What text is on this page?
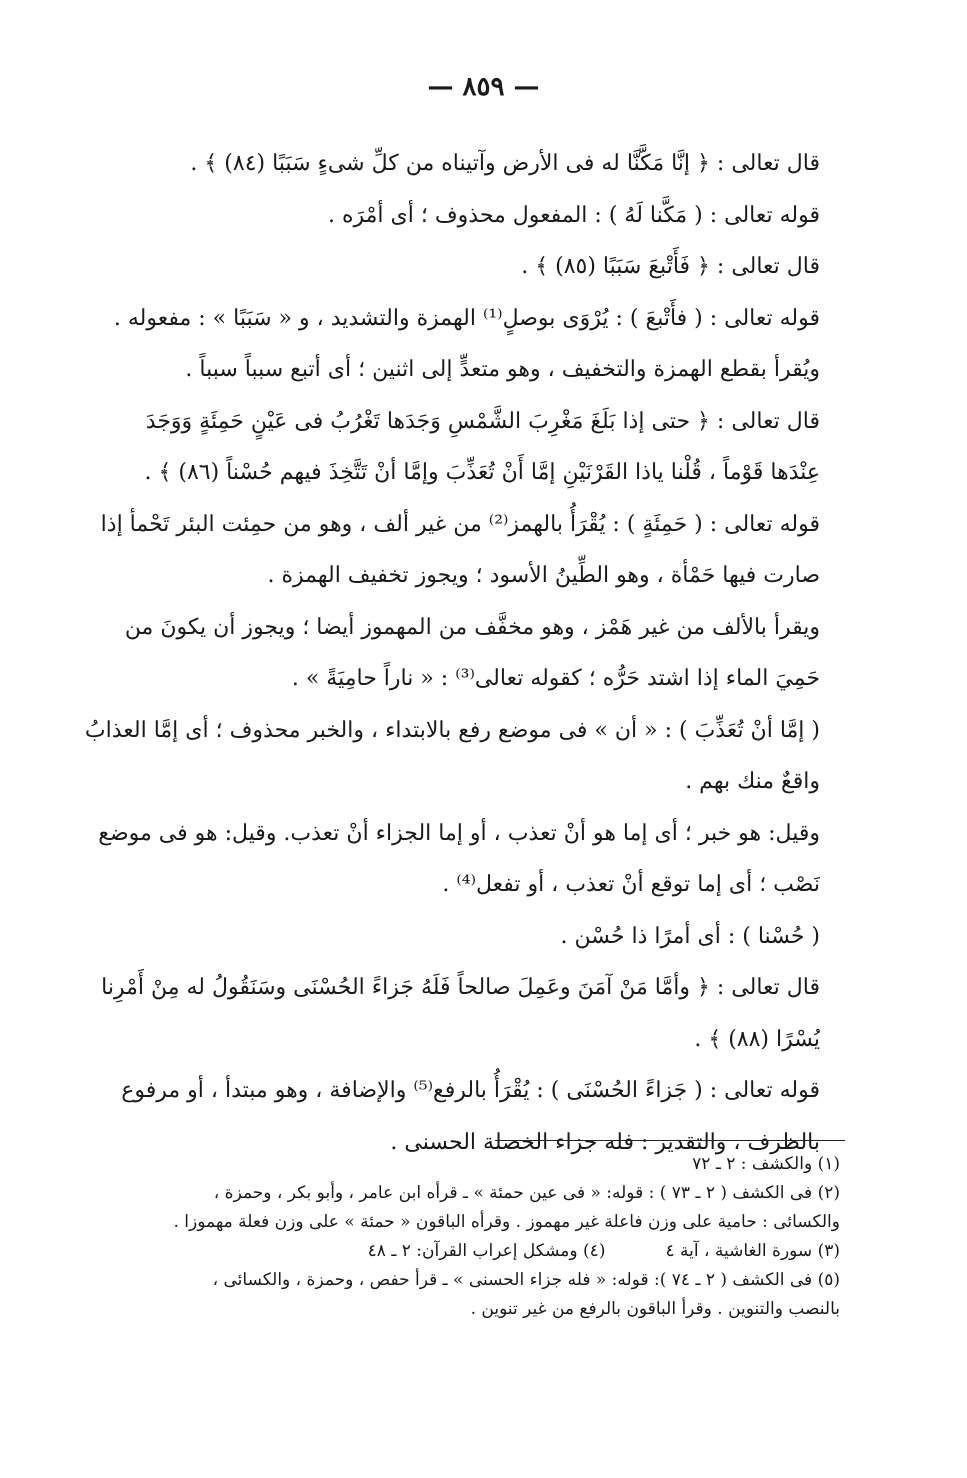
— ٨٥٩ —
قال تعالى : ﴿ إنَّا مَكَّنَّا له فى الأرض وآتيناه من كلِّ شىءٍ سَبَبًا (٨٤) ﴾ .
قوله تعالى : ( مَكَّنا لَهُ ) : المفعول محذوف ؛ أى أمْرَه .
قال تعالى : ﴿ فَأَتْبعَ سَبَبًا (٨٥) ﴾ .
قوله تعالى : ( فأَتْبعَ ) : يُرْوَى بوصلٍ⁽¹⁾ الهمزة والتشديد ، و « سَبَبًا » : مفعوله .
ويُقرأ بقطع الهمزة والتخفيف ، وهو متعدٍّ إلى اثنين ؛ أى أتبع سبباً سبباً .
قال تعالى : ﴿ حتى إذا بَلَغَ مَغْرِبَ الشَّمْسِ وَجَدَها تَغْرُبُ فى عَيْنٍ حَمِئَةٍ وَوَجَدَ
عِنْدَها قَوْماً ، قُلْنا ياذا القَرْنَيْنِ إمَّا أَنْ تُعَذِّبَ وإمَّا أنْ تَتَّخِذَ فيهم حُسْناً (٨٦) ﴾ .
قوله تعالى : ( حَمِئَةٍ ) : يُقْرَأُ بالهمز⁽²⁾ من غير ألف ، وهو من حمِئت البئر تَحْمأ إذا
صارت فيها حَمْأة ، وهو الطِّينُ الأسود ؛ ويجوز تخفيف الهمزة .
ويقرأ بالألف من غير هَمْز ، وهو مخفَّف من المهموز أيضا ؛ ويجوز أن يكونَ من
حَمِيَ الماء إذا اشتد حَرُّه ؛ كقوله تعالى⁽³⁾ : « ناراً حامِيَةً » .
( إمَّا أنْ تُعَذِّبَ ) : « أن » فى موضع رفع بالابتداء ، والخبر محذوف ؛ أى إمَّا العذابُ
واقعٌ منك بهم .
وقيل: هو خبر ؛ أى إما هو أنْ تعذب ، أو إما الجزاء أنْ تعذب. وقيل: هو فى موضع
نَصْب ؛ أى إما توقع أنْ تعذب ، أو تفعل⁽⁴⁾ .
( حُسْنا ) : أى أمرًا ذا حُسْن .
قال تعالى : ﴿ وأمَّا مَنْ آمَنَ وعَمِلَ صالحاً فَلَهُ جَزاءً الحُسْنَى وسَنَقُولُ له مِنْ أَمْرِنا
يُسْرًا (٨٨) ﴾ .
قوله تعالى : ( جَزاءً الحُسْنَى ) : يُقْرَأُ بالرفع⁽⁵⁾ والإضافة ، وهو مبتدأ ، أو مرفوع
بالظرف ، والتقدير : فله جزاء الخصلة الحسنى .
(١) والكشف : ٢ ـ ٧٢
(٢) فى الكشف ( ٢ ـ ٧٣ ) : قوله: « فى عين حمئة » ـ قرأه ابن عامر ، وأبو بكر ، وحمزة ،
والكسائى : حامية على وزن فاعلة غير مهموز . وقرأه الباقون « حمئة » على وزن فعلة مهموزا .
(٣) سورة الغاشية ، آية ٤
(٤) ومشكل إعراب القرآن: ٢ ـ ٤٨
(٥) فى الكشف ( ٢ ـ ٧٤ ): قوله: « فله جزاء الحسنى » ـ قرأ حفص ، وحمزة ، والكسائى ،
بالنصب والتنوين . وقرأ الباقون بالرفع من غير تنوين .
